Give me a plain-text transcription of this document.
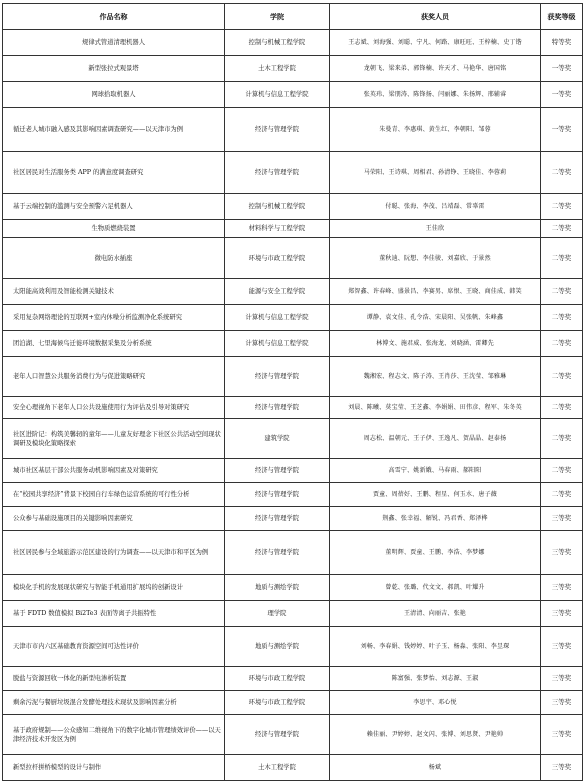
作品名称	学院	获奖人员	获奖等级
规律式管道清理机器人	控制与机械工程学院	王志斌、刘海强、刘聪、宁凡、何路、康旺旺、王梓楠、史丁锴	特等奖
新型张拉式观景塔	土木工程学院	龙朝飞、梁来弟、郭锋楠、许天才、马艳华、唐国铭	一等奖
网球拾取机器人	计算机与信息工程学院	张英玮、梁朋涛、陈锋扬、闫丽娜、朱扬辉、邢辅睿	一等奖
循迁老人城市融入感及其影响因素调查研究——以天津市为例	经济与管理学院	朱曼青、李惠琪、黄生红、李朝阳、邹蓉	一等奖
社区居民对生活服务类 APP 的满意度调查研究	经济与管理学院	马荣阳、王诗琪、周相君、孙清铮、王晓佳、李蓉莉	二等奖
基于云端控制的滥测与安全预警六足机器人	控制与机械工程学院	付聪、张海、李茂、吕靖磊、常辜雷	二等奖
生物质燃烧装置	材料科学与工程学院	王佳欣	二等奖
微电防水插座	环境与市政工程学院	董秋迪、阮想、李佳骏、刘嘉欣、于景然	二等奖
太阳能高效利用及智能检测关键技术	能源与安全工程学院	郑智鑫、许春峰、盛景昌、李赛男、席恨、王晓、商佳成、韩笑	二等奖
采用复杂网络理论的互联网+室内休噪分析监测净化系统研究	计算机与信息工程学院	谭静、袁文佳、孔令浩、宋晨阳、吴张帆、朱峰鑫	二等奖
团泊湖、七里海候鸟迁徙环境数据采集及分析系统	计算机与信息工程学院	林博文、施君威、张海龙、刘晓涵、雷卿先	二等奖
老年人口智慧公共服务消费行为与促进策略研究	经济与管理学院	魏湘宏、程志文、陈子涛、王肖莎、王沈莹、邹雅琳	二等奖
安全心理视角下老年人口公共设施使用行为评估及引导对策研究	经济与管理学院	刘晨、陈曦、莫宝莹、王芝鑫、李娟娟、田伟彦、程军、朱冬英	二等奖
社区进阶记：构筑美馨轫的童年——儿童友好理念下社区公共活动空间现状调研及模块化策略探索	建筑学院	周志松、温朝元、王子伊、王逸凡、贺晶晶、赵泰扬	二等奖
城市社区基层干部公共服务动机影响因素及对策研究	经济与管理学院	高雪宁、姚新娥、马春雨、郝阳阳	二等奖
在“校园共享经济”背景下校园自行车绿色运营系统的可行性分析	经济与管理学院	贾童、周蓓好、王鹏、程星、何玉水、唐子薇	二等奖
公众参与基础设施项目的关键影响因素研究	经济与管理学院	荆鑫、张幸福、解锐、冯君香、郑泽桦	三等奖
社区居民参与全域旅游示范区建设的行为调查——以天津市和平区为例	经济与管理学院	董明辉、贾童、王鹏、李浩、李梦娜	三等奖
模块化手机的发展现状研究与智能手机通用扩展坞的创新设计	地质与测绘学院	曾乾、张璐、代文文、郝凯、叶耀升	三等奖
基于 FDTD 数值模拟 Bi2Te3 表面等离子共振特性	理学院	王清清、向丽吉、张艳	三等奖
天津市市内六区基础教育资源空间可达性评价	地质与测绘学院	刘畅、李春娟、钱婷婷、叶子玉、杨淼、张阳、李昱琛	三等奖
脱盐与资源回收一体化的新型电渗析装置	环境与市政工程学院	陈富强、张梦怡、刘志源、王淑	三等奖
剩余污泥与餐厨垃圾混合发酵处理技术现状及影响因素分析	环境与市政工程学院	李思宇、邓心悦	三等奖
基于政府规制——公众感知二维视角下的数字化城市管理绩效评价——以天津经济技术开发区为例	经济与管理学院	赖佳丽、尹婷婷、赵文闪、张博、刘思贤、尹艳帅	三等奖
新型拉杆拼桥模型的设计与制作	土木工程学院	杨斌	三等奖
